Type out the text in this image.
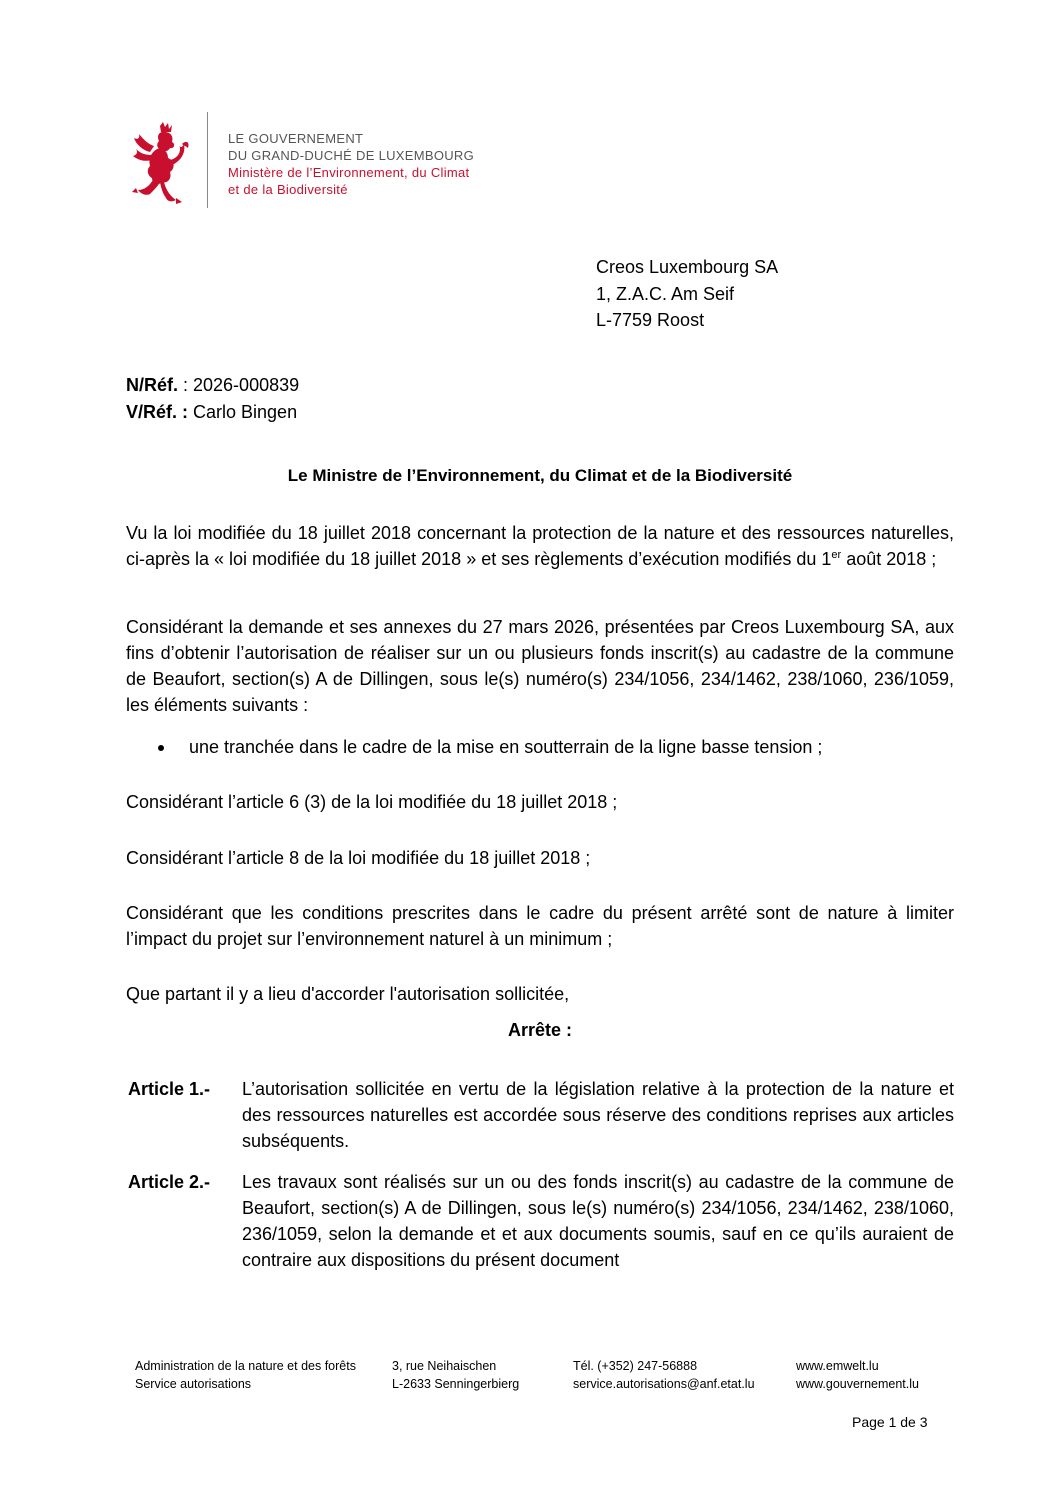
LE GOUVERNEMENT
DU GRAND-DUCHÉ DE LUXEMBOURG
Ministère de l’Environnement, du Climat
et de la Biodiversité
Creos Luxembourg SA
1, Z.A.C. Am Seif
L-7759 Roost
N/Réf. : 2026-000839
V/Réf. : Carlo Bingen
Le Ministre de l’Environnement, du Climat et de la Biodiversité
Vu la loi modifiée du 18 juillet 2018 concernant la protection de la nature et des ressources naturelles, ci-après la « loi modifiée du 18 juillet 2018 » et ses règlements d’exécution modifiés du 1er août 2018 ;
Considérant la demande et ses annexes du 27 mars 2026, présentées par Creos Luxembourg SA, aux fins d’obtenir l’autorisation de réaliser sur un ou plusieurs fonds inscrit(s) au cadastre de la commune de Beaufort, section(s) A de Dillingen, sous le(s) numéro(s) 234/1056, 234/1462, 238/1060, 236/1059, les éléments suivants :
une tranchée dans le cadre de la mise en soutterrain de la ligne basse tension ;
Considérant l’article 6 (3) de la loi modifiée du 18 juillet 2018 ;
Considérant l’article 8 de la loi modifiée du 18 juillet 2018 ;
Considérant que les conditions prescrites dans le cadre du présent arrêté sont de nature à limiter l’impact du projet sur l’environnement naturel à un minimum ;
Que partant il y a lieu d'accorder l'autorisation sollicitée,
Arrête :
Article 1.- L’autorisation sollicitée en vertu de la législation relative à la protection de la nature et des ressources naturelles est accordée sous réserve des conditions reprises aux articles subséquents.
Article 2.- Les travaux sont réalisés sur un ou des fonds inscrit(s) au cadastre de la commune de Beaufort, section(s) A de Dillingen, sous le(s) numéro(s) 234/1056, 234/1462, 238/1060, 236/1059, selon la demande et et aux documents soumis, sauf en ce qu’ils auraient de contraire aux dispositions du présent document
Administration de la nature et des forêts
Service autorisations
3, rue Neihaischen
L-2633 Senningerbierg
Tél. (+352) 247-56888
service.autorisations@anf.etat.lu
www.emwelt.lu
www.gouvernement.lu
Page 1 de 3
